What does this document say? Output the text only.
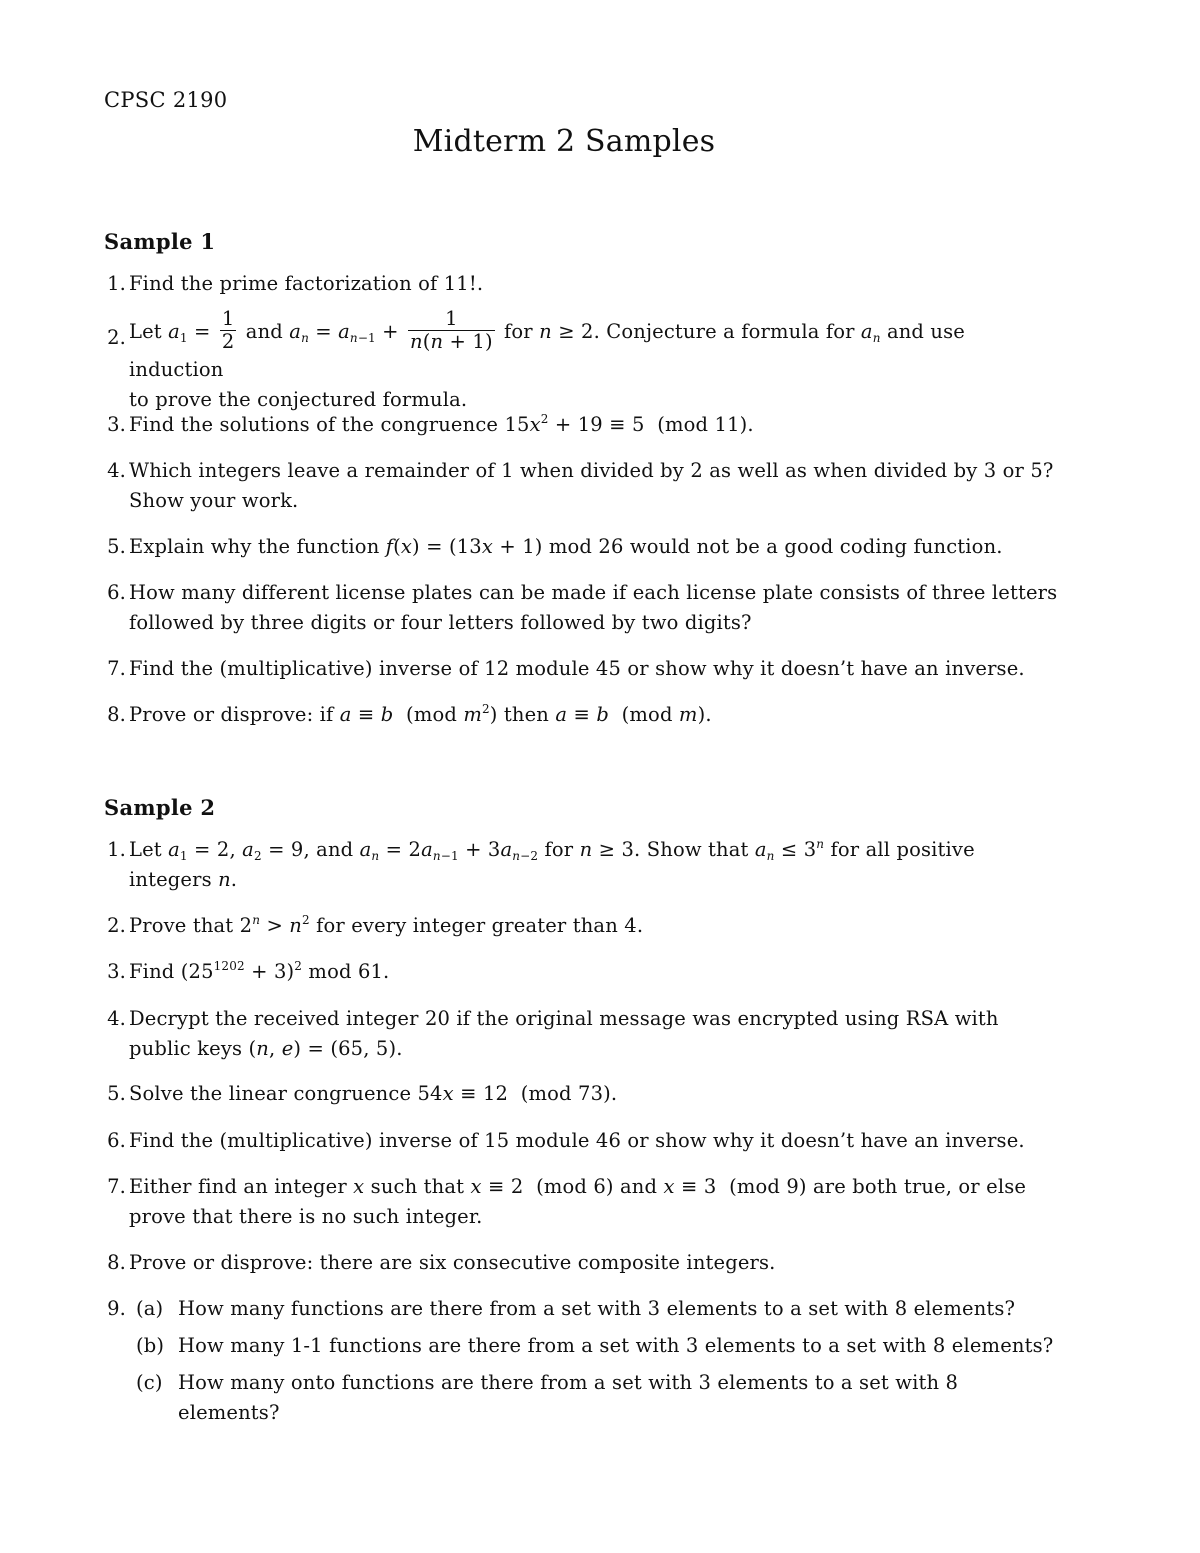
CPSC 2190
Midterm 2 Samples
Sample 1
1. Find the prime factorization of 11!.
2. Let $a_1 = \frac{1}{2}$ and $a_n = a_{n-1} + \frac{1}{n(n + 1)}$ for n ≥ 2. Conjecture a formula for $a_n$ and use induction
to prove the conjectured formula.
3. Find the solutions of the congruence $15x^2 + 19 \equiv 5$  (mod 11).
4. Which integers leave a remainder of 1 when divided by 2 as well as when divided by 3 or 5? Show your work.
5. Explain why the function f(x) = (13x + 1) mod 26 would not be a good coding function.
6. How many different license plates can be made if each license plate consists of three letters followed by three digits or four letters followed by two digits?
7. Find the (multiplicative) inverse of 12 module 45 or show why it doesn’t have an inverse.
8. Prove or disprove: if a ≡ b  (mod $m^2$) then a ≡ b  (mod m).
Sample 2
1. Let $a_1 = 2$, $a_2 = 9$, and $a_n = 2a_{n-1} + 3a_{n-2}$ for n ≥ 3. Show that $a_n \le 3^n$ for all positive integers n.
2. Prove that $2^n > n^2$ for every integer greater than 4.
3. Find $(25^{1202} + 3)^2$ mod 61.
4. Decrypt the received integer 20 if the original message was encrypted using RSA with public keys (n, e) = (65, 5).
5. Solve the linear congruence 54x ≡ 12  (mod 73).
6. Find the (multiplicative) inverse of 15 module 46 or show why it doesn’t have an inverse.
7. Either find an integer x such that x ≡ 2  (mod 6) and x ≡ 3  (mod 9) are both true, or else prove that there is no such integer.
8. Prove or disprove: there are six consecutive composite integers.
9. (a) How many functions are there from a set with 3 elements to a set with 8 elements?
(b) How many 1-1 functions are there from a set with 3 elements to a set with 8 elements?
(c) How many onto functions are there from a set with 3 elements to a set with 8 elements?
